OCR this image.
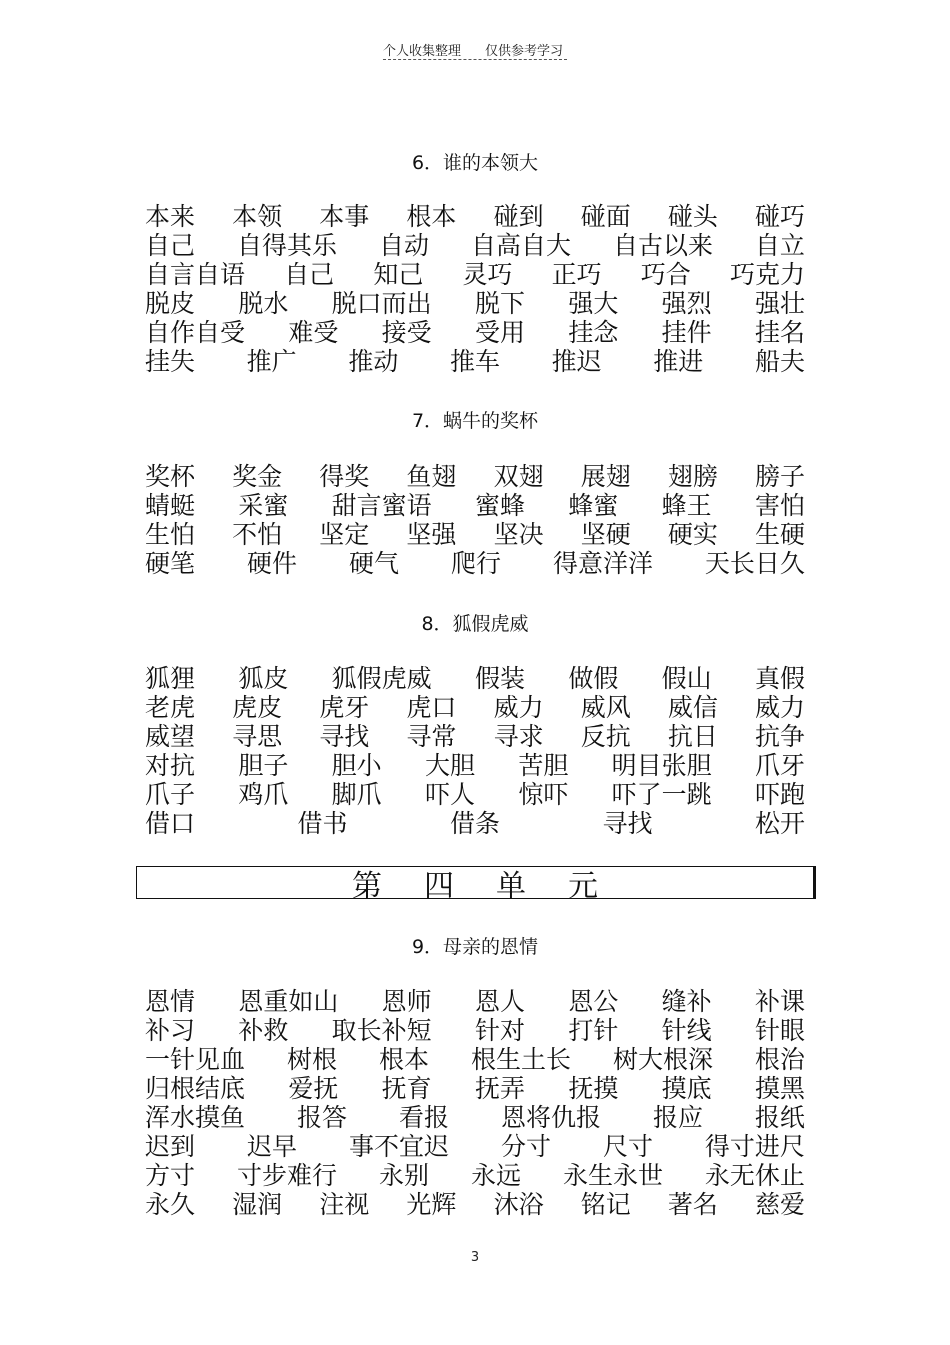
个人收集整理 仅供参考学习
6．谁的本领大
本来 本领 本事 根本 碰到 碰面 碰头 碰巧
自己 自得其乐 自动 自高自大 自古以来 自立
自言自语 自己 知己 灵巧 正巧 巧合 巧克力
脱皮 脱水 脱口而出 脱下 强大 强烈 强壮
自作自受 难受 接受 受用 挂念 挂件 挂名
挂失 推广 推动 推车 推迟 推进 船夫
7．蜗牛的奖杯
奖杯 奖金 得奖 鱼翅 双翅 展翅 翅膀 膀子
蜻蜓 采蜜 甜言蜜语 蜜蜂 蜂蜜 蜂王 害怕
生怕 不怕 坚定 坚强 坚决 坚硬 硬实 生硬
硬笔 硬件 硬气 爬行 得意洋洋 天长日久
8．狐假虎威
狐狸 狐皮 狐假虎威 假装 做假 假山 真假
老虎 虎皮 虎牙 虎口 威力 威风 威信 威力
威望 寻思 寻找 寻常 寻求 反抗 抗日 抗争
对抗 胆子 胆小 大胆 苦胆 明目张胆 爪牙
爪子 鸡爪 脚爪 吓人 惊吓 吓了一跳 吓跑
借口	借书	借条	寻找	松开
第四单元
9．母亲的恩情
恩情 恩重如山 恩师 恩人 恩公 缝补 补课
补习 补救 取长补短 针对 打针 针线 针眼
一针见血 树根 根本 根生土长 树大根深 根治
归根结底 爱抚 抚育 抚弄 抚摸 摸底 摸黑
浑水摸鱼 报答 看报 恩将仇报 报应 报纸
迟到 迟早 事不宜迟 分寸 尺寸 得寸进尺
方寸 寸步难行 永别 永远 永生永世 永无休止
永久 湿润 注视 光辉 沐浴 铭记 著名 慈爱
3
